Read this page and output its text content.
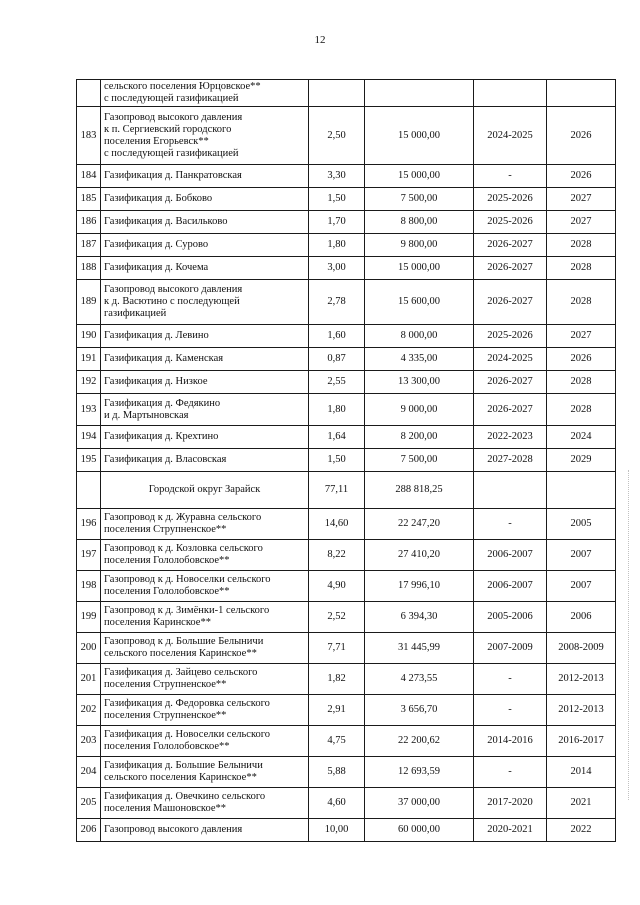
12
	сельского поселения Юрцовское**
с последующей газификацией				
183	Газопровод высокого давления
к п. Сергиевский городского
поселения Егорьевск**
с последующей газификацией	2,50	15 000,00	2024-2025	2026
184	Газификация д. Панкратовская	3,30	15 000,00	-	2026
185	Газификация д. Бобково	1,50	7 500,00	2025-2026	2027
186	Газификация д. Васильково	1,70	8 800,00	2025-2026	2027
187	Газификация д. Сурово	1,80	9 800,00	2026-2027	2028
188	Газификация д. Кочема	3,00	15 000,00	2026-2027	2028
189	Газопровод высокого давления
к д. Васютино с последующей
газификацией	2,78	15 600,00	2026-2027	2028
190	Газификация д. Левино	1,60	8 000,00	2025-2026	2027
191	Газификация д. Каменская	0,87	4 335,00	2024-2025	2026
192	Газификация д. Низкое	2,55	13 300,00	2026-2027	2028
193	Газификация д. Федякино
и д. Мартыновская	1,80	9 000,00	2026-2027	2028
194	Газификация д. Крехтино	1,64	8 200,00	2022-2023	2024
195	Газификация д. Власовская	1,50	7 500,00	2027-2028	2029
	Городской округ Зарайск	77,11	288 818,25		
196	Газопровод к д. Журавна сельского
поселения Струпненское**	14,60	22 247,20	-	2005
197	Газопровод к д. Козловка сельского
поселения Гололобовское**	8,22	27 410,20	2006-2007	2007
198	Газопровод к д. Новоселки сельского
поселения Гололобовское**	4,90	17 996,10	2006-2007	2007
199	Газопровод к д. Зимёнки-1 сельского
поселения Каринское**	2,52	6 394,30	2005-2006	2006
200	Газопровод к д. Большие Белыничи
сельского поселения Каринское**	7,71	31 445,99	2007-2009	2008-2009
201	Газификация д. Зайцево сельского
поселения Струпненское**	1,82	4 273,55	-	2012-2013
202	Газификация д. Федоровка сельского
поселения Струпненское**	2,91	3 656,70	-	2012-2013
203	Газификация д. Новоселки сельского
поселения Гололобовское**	4,75	22 200,62	2014-2016	2016-2017
204	Газификация д. Большие Белыничи
сельского поселения Каринское**	5,88	12 693,59	-	2014
205	Газификация д. Овечкино сельского
поселения Машоновское**	4,60	37 000,00	2017-2020	2021
206	Газопровод высокого давления	10,00	60 000,00	2020-2021	2022
